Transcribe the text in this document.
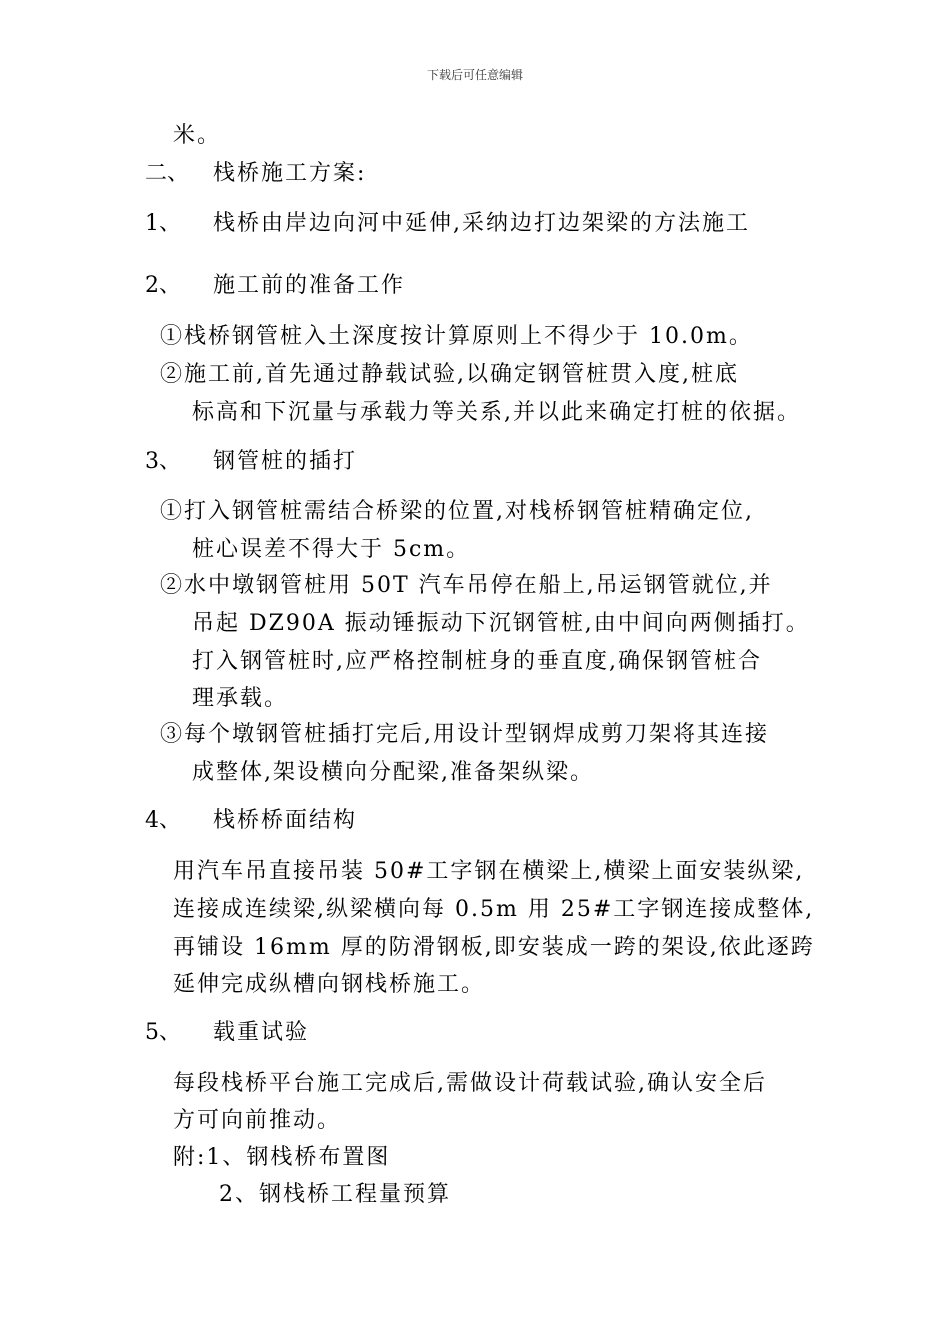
下载后可任意编辑
米。
二、 栈桥施工方案:
1、 栈桥由岸边向河中延伸,采纳边打边架梁的方法施工
2、 施工前的准备工作
①栈桥钢管桩入土深度按计算原则上不得少于 10.0m。
②施工前,首先通过静载试验,以确定钢管桩贯入度,桩底
标高和下沉量与承载力等关系,并以此来确定打桩的依据。
3、 钢管桩的插打
①打入钢管桩需结合桥梁的位置,对栈桥钢管桩精确定位,
桩心误差不得大于 5cm。
②水中墩钢管桩用 50T 汽车吊停在船上,吊运钢管就位,并
吊起 DZ90A 振动锤振动下沉钢管桩,由中间向两侧插打。
打入钢管桩时,应严格控制桩身的垂直度,确保钢管桩合
理承载。
③每个墩钢管桩插打完后,用设计型钢焊成剪刀架将其连接
成整体,架设横向分配梁,准备架纵梁。
4、 栈桥桥面结构
用汽车吊直接吊装 50#工字钢在横梁上,横梁上面安装纵梁,
连接成连续梁,纵梁横向每 0.5m 用 25#工字钢连接成整体,
再铺设 16mm 厚的防滑钢板,即安装成一跨的架设,依此逐跨
延伸完成纵槽向钢栈桥施工。
5、 载重试验
每段栈桥平台施工完成后,需做设计荷载试验,确认安全后
方可向前推动。
附:1、钢栈桥布置图
2、钢栈桥工程量预算
